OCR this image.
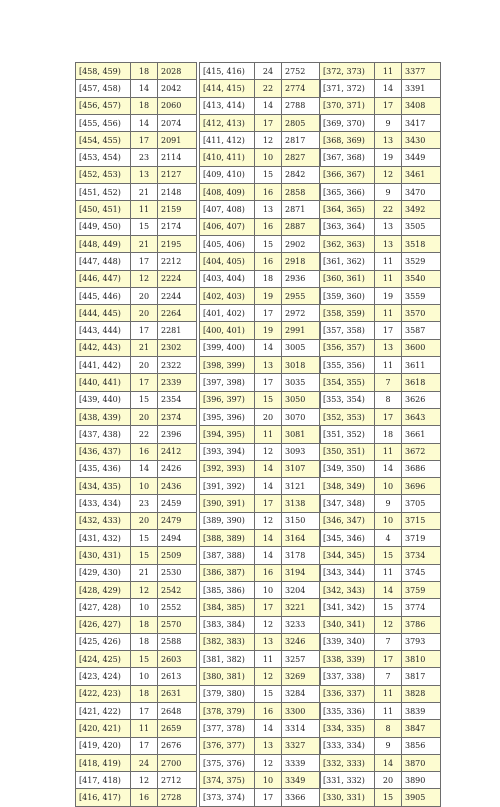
[458, 459)	18	2028
[457, 458)	14	2042
[456, 457)	18	2060
[455, 456)	14	2074
[454, 455)	17	2091
[453, 454)	23	2114
[452, 453)	13	2127
[451, 452)	21	2148
[450, 451)	11	2159
[449, 450)	15	2174
[448, 449)	21	2195
[447, 448)	17	2212
[446, 447)	12	2224
[445, 446)	20	2244
[444, 445)	20	2264
[443, 444)	17	2281
[442, 443)	21	2302
[441, 442)	20	2322
[440, 441)	17	2339
[439, 440)	15	2354
[438, 439)	20	2374
[437, 438)	22	2396
[436, 437)	16	2412
[435, 436)	14	2426
[434, 435)	10	2436
[433, 434)	23	2459
[432, 433)	20	2479
[431, 432)	15	2494
[430, 431)	15	2509
[429, 430)	21	2530
[428, 429)	12	2542
[427, 428)	10	2552
[426, 427)	18	2570
[425, 426)	18	2588
[424, 425)	15	2603
[423, 424)	10	2613
[422, 423)	18	2631
[421, 422)	17	2648
[420, 421)	11	2659
[419, 420)	17	2676
[418, 419)	24	2700
[417, 418)	12	2712
[416, 417)	16	2728
[415, 416)	24	2752
[414, 415)	22	2774
[413, 414)	14	2788
[412, 413)	17	2805
[411, 412)	12	2817
[410, 411)	10	2827
[409, 410)	15	2842
[408, 409)	16	2858
[407, 408)	13	2871
[406, 407)	16	2887
[405, 406)	15	2902
[404, 405)	16	2918
[403, 404)	18	2936
[402, 403)	19	2955
[401, 402)	17	2972
[400, 401)	19	2991
[399, 400)	14	3005
[398, 399)	13	3018
[397, 398)	17	3035
[396, 397)	15	3050
[395, 396)	20	3070
[394, 395)	11	3081
[393, 394)	12	3093
[392, 393)	14	3107
[391, 392)	14	3121
[390, 391)	17	3138
[389, 390)	12	3150
[388, 389)	14	3164
[387, 388)	14	3178
[386, 387)	16	3194
[385, 386)	10	3204
[384, 385)	17	3221
[383, 384)	12	3233
[382, 383)	13	3246
[381, 382)	11	3257
[380, 381)	12	3269
[379, 380)	15	3284
[378, 379)	16	3300
[377, 378)	14	3314
[376, 377)	13	3327
[375, 376)	12	3339
[374, 375)	10	3349
[373, 374)	17	3366
[372, 373)	11	3377
[371, 372)	14	3391
[370, 371)	17	3408
[369, 370)	9	3417
[368, 369)	13	3430
[367, 368)	19	3449
[366, 367)	12	3461
[365, 366)	9	3470
[364, 365)	22	3492
[363, 364)	13	3505
[362, 363)	13	3518
[361, 362)	11	3529
[360, 361)	11	3540
[359, 360)	19	3559
[358, 359)	11	3570
[357, 358)	17	3587
[356, 357)	13	3600
[355, 356)	11	3611
[354, 355)	7	3618
[353, 354)	8	3626
[352, 353)	17	3643
[351, 352)	18	3661
[350, 351)	11	3672
[349, 350)	14	3686
[348, 349)	10	3696
[347, 348)	9	3705
[346, 347)	10	3715
[345, 346)	4	3719
[344, 345)	15	3734
[343, 344)	11	3745
[342, 343)	14	3759
[341, 342)	15	3774
[340, 341)	12	3786
[339, 340)	7	3793
[338, 339)	17	3810
[337, 338)	7	3817
[336, 337)	11	3828
[335, 336)	11	3839
[334, 335)	8	3847
[333, 334)	9	3856
[332, 333)	14	3870
[331, 332)	20	3890
[330, 331)	15	3905
